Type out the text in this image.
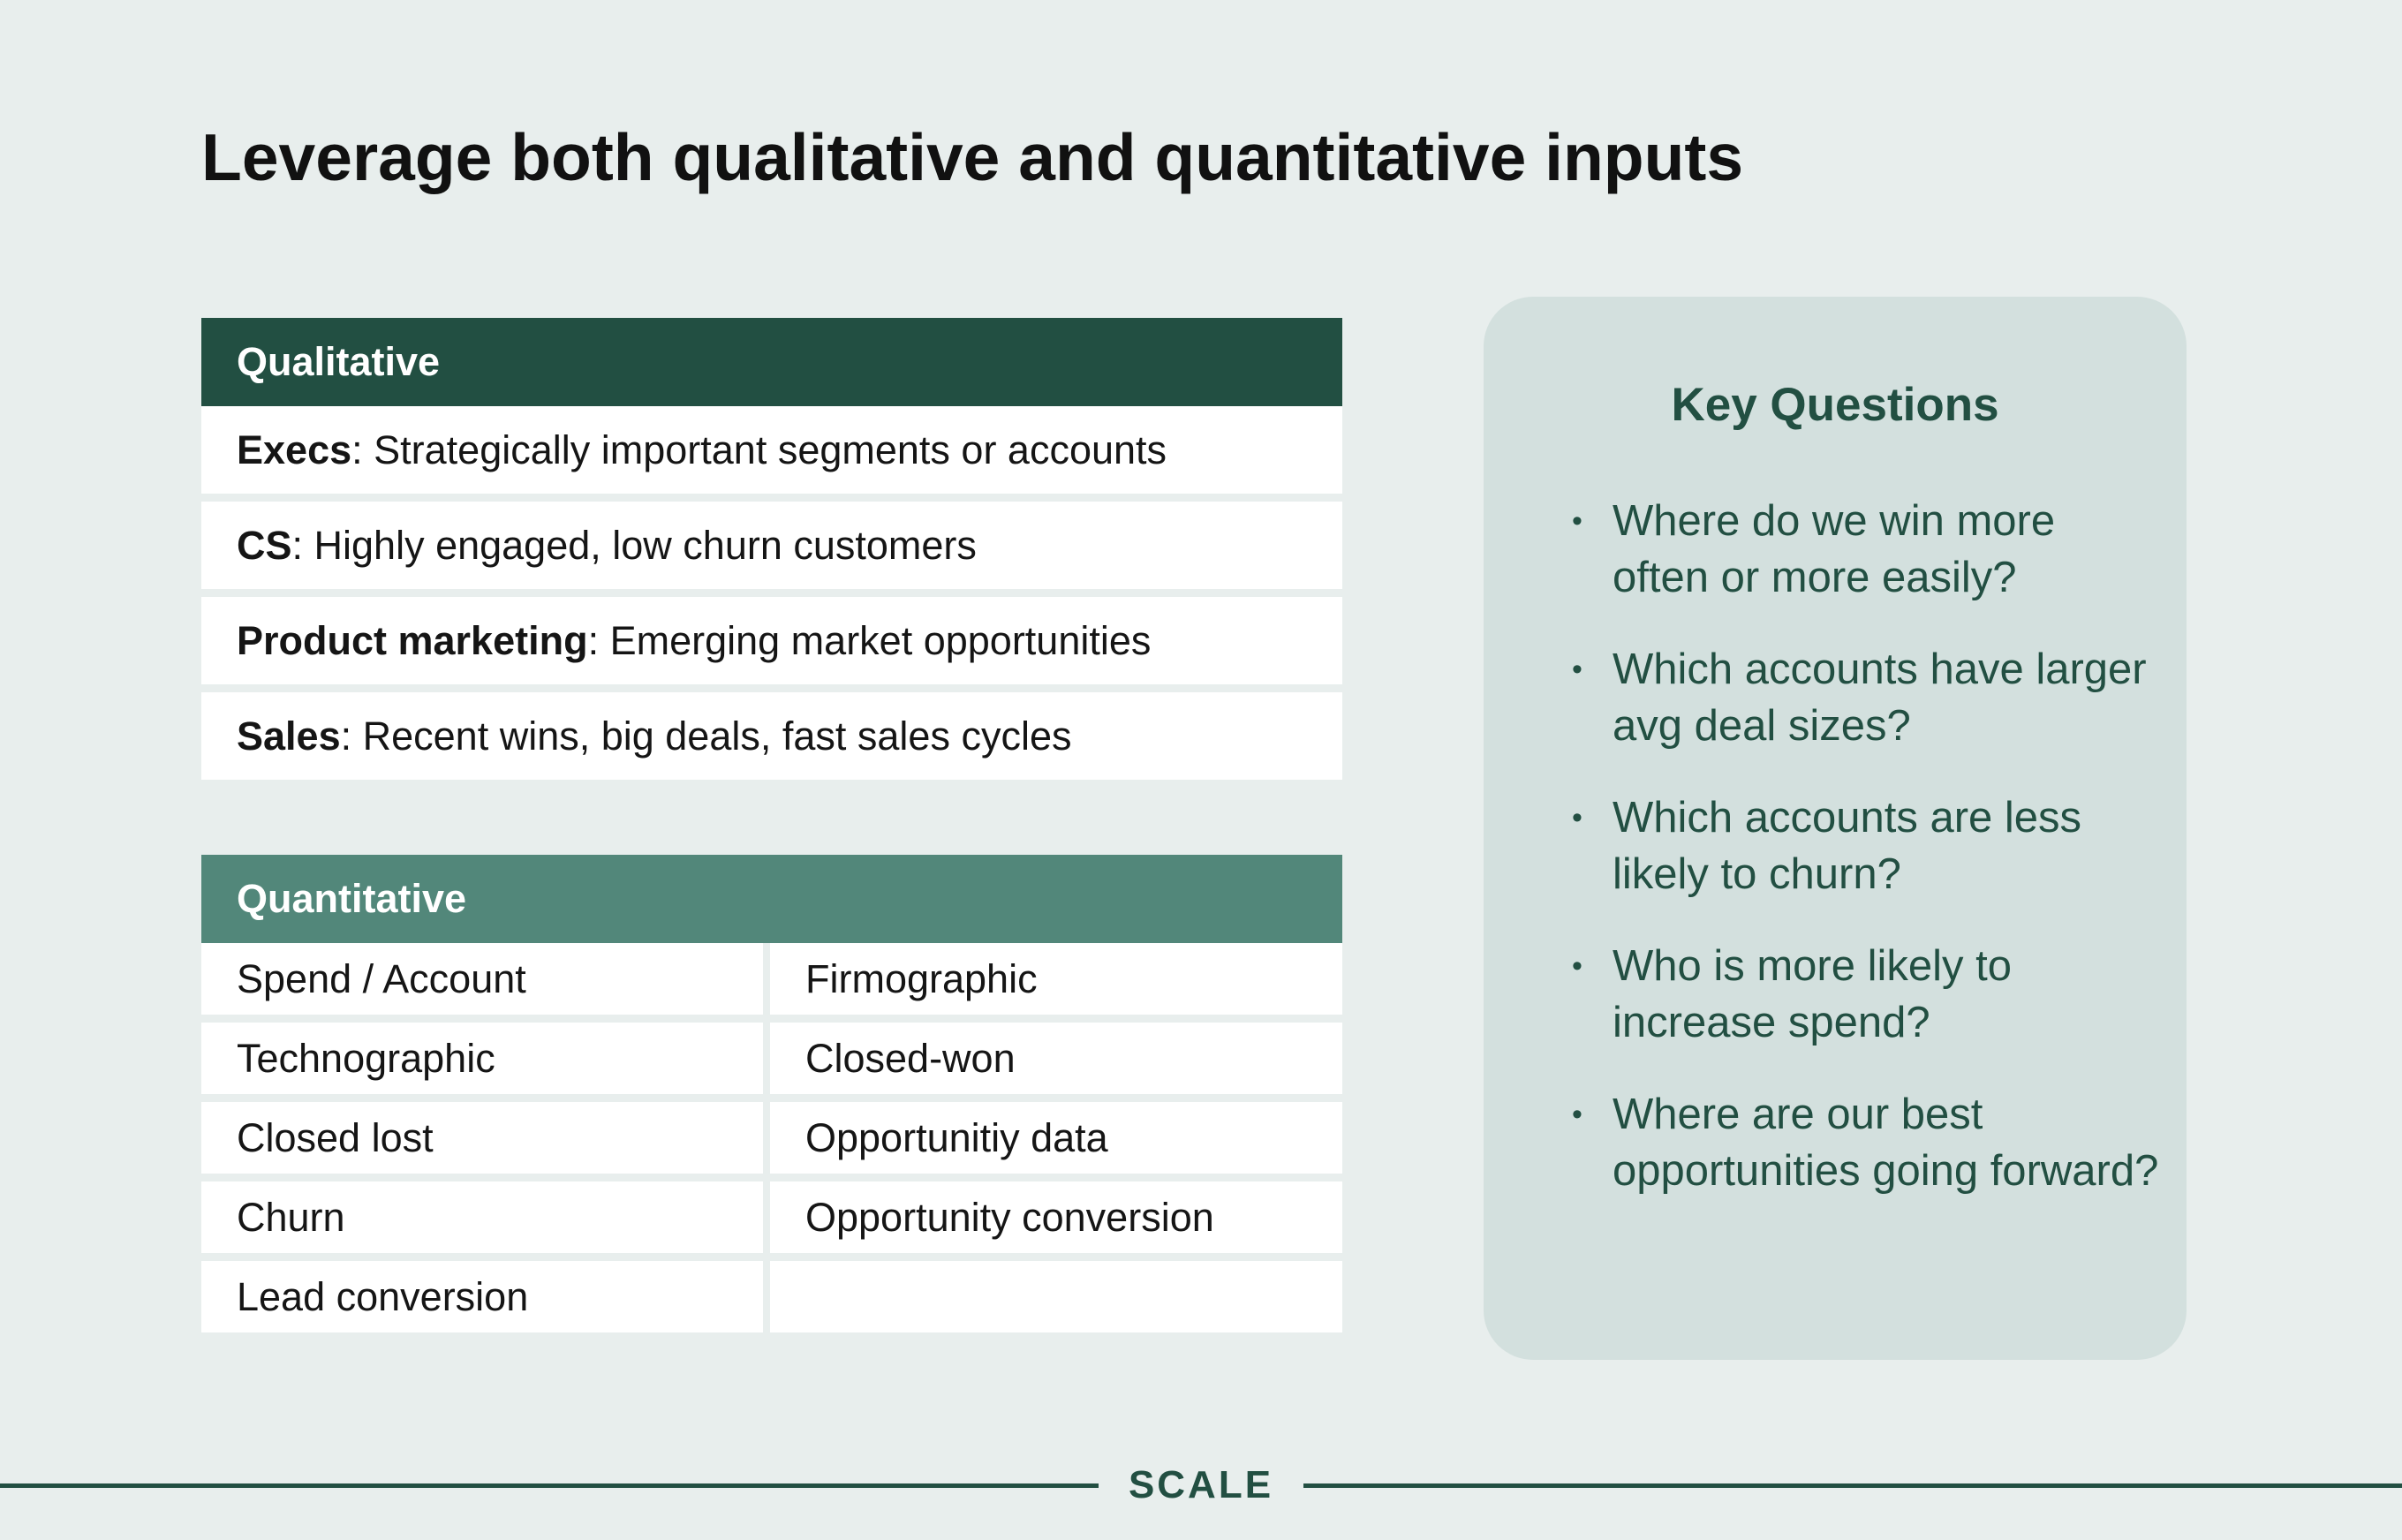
Leverage both qualitative and quantitative inputs
Qualitative
Execs: Strategically important segments or accounts
CS: Highly engaged, low churn customers
Product marketing: Emerging market opportunities
Sales: Recent wins, big deals, fast sales cycles
Quantitative
Spend / Account	Firmographic
Technographic	Closed-won
Closed lost	Opportunitiy data
Churn	Opportunity conversion
Lead conversion
Key Questions
• Where do we win more often or more easily?
• Which accounts have larger avg deal sizes?
• Which accounts are less likely to churn?
• Who is more likely to increase spend?
• Where are our best opportunities going forward?
SCALE
